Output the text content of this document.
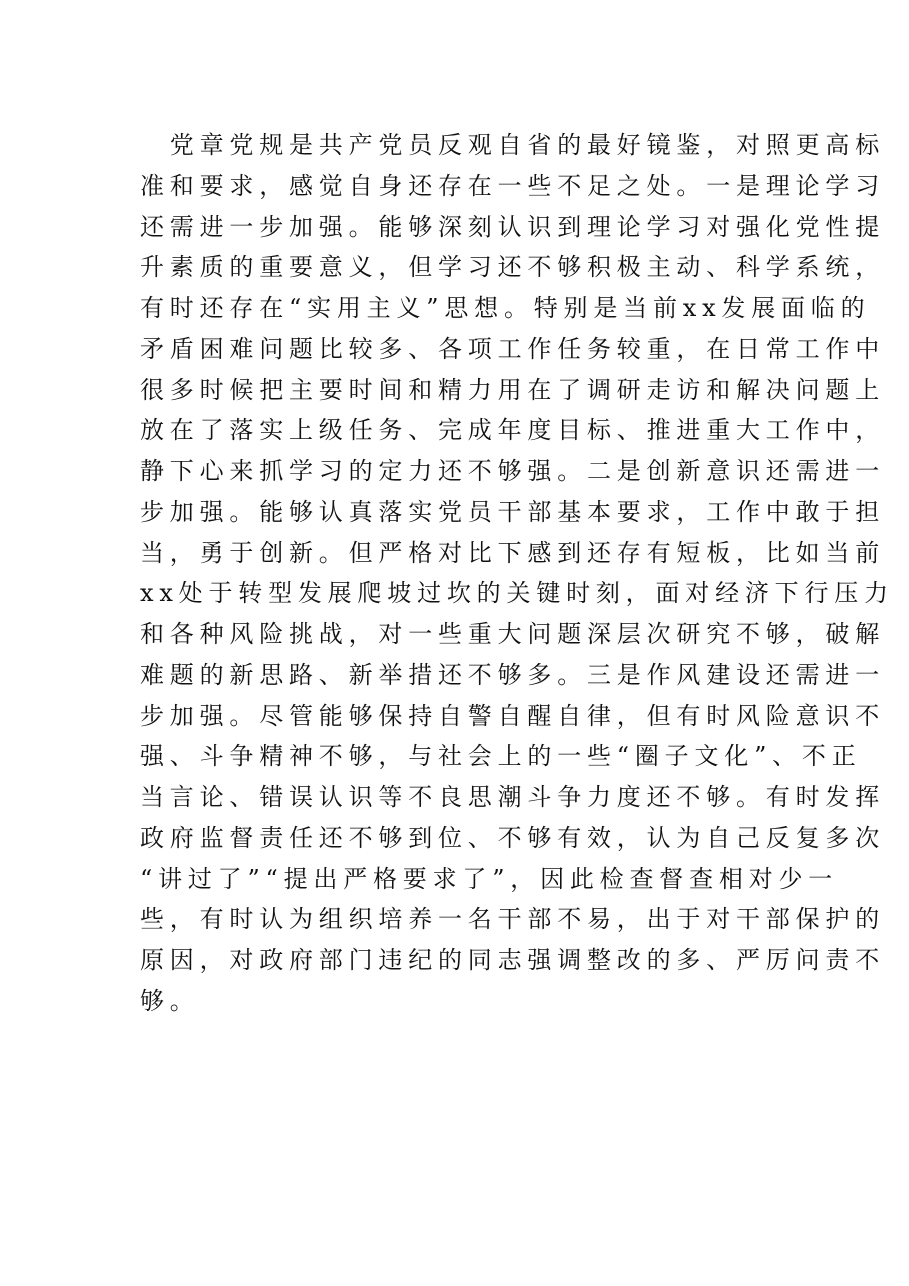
　党章党规是共产党员反观自省的最好镜鉴，对照更高标
准和要求，感觉自身还存在一些不足之处。一是理论学习
还需进一步加强。能够深刻认识到理论学习对强化党性提
升素质的重要意义，但学习还不够积极主动、科学系统，
有时还存在“实用主义”思想。特别是当前xx发展面临的
矛盾困难问题比较多、各项工作任务较重，在日常工作中
很多时候把主要时间和精力用在了调研走访和解决问题上
放在了落实上级任务、完成年度目标、推进重大工作中，
静下心来抓学习的定力还不够强。二是创新意识还需进一
步加强。能够认真落实党员干部基本要求，工作中敢于担
当，勇于创新。但严格对比下感到还存有短板，比如当前
xx处于转型发展爬坡过坎的关键时刻，面对经济下行压力
和各种风险挑战，对一些重大问题深层次研究不够，破解
难题的新思路、新举措还不够多。三是作风建设还需进一
步加强。尽管能够保持自警自醒自律，但有时风险意识不
强、斗争精神不够，与社会上的一些“圈子文化”、不正
当言论、错误认识等不良思潮斗争力度还不够。有时发挥
政府监督责任还不够到位、不够有效，认为自己反复多次
“讲过了”“提出严格要求了”，因此检查督查相对少一
些，有时认为组织培养一名干部不易，出于对干部保护的
原因，对政府部门违纪的同志强调整改的多、严厉问责不
够。
